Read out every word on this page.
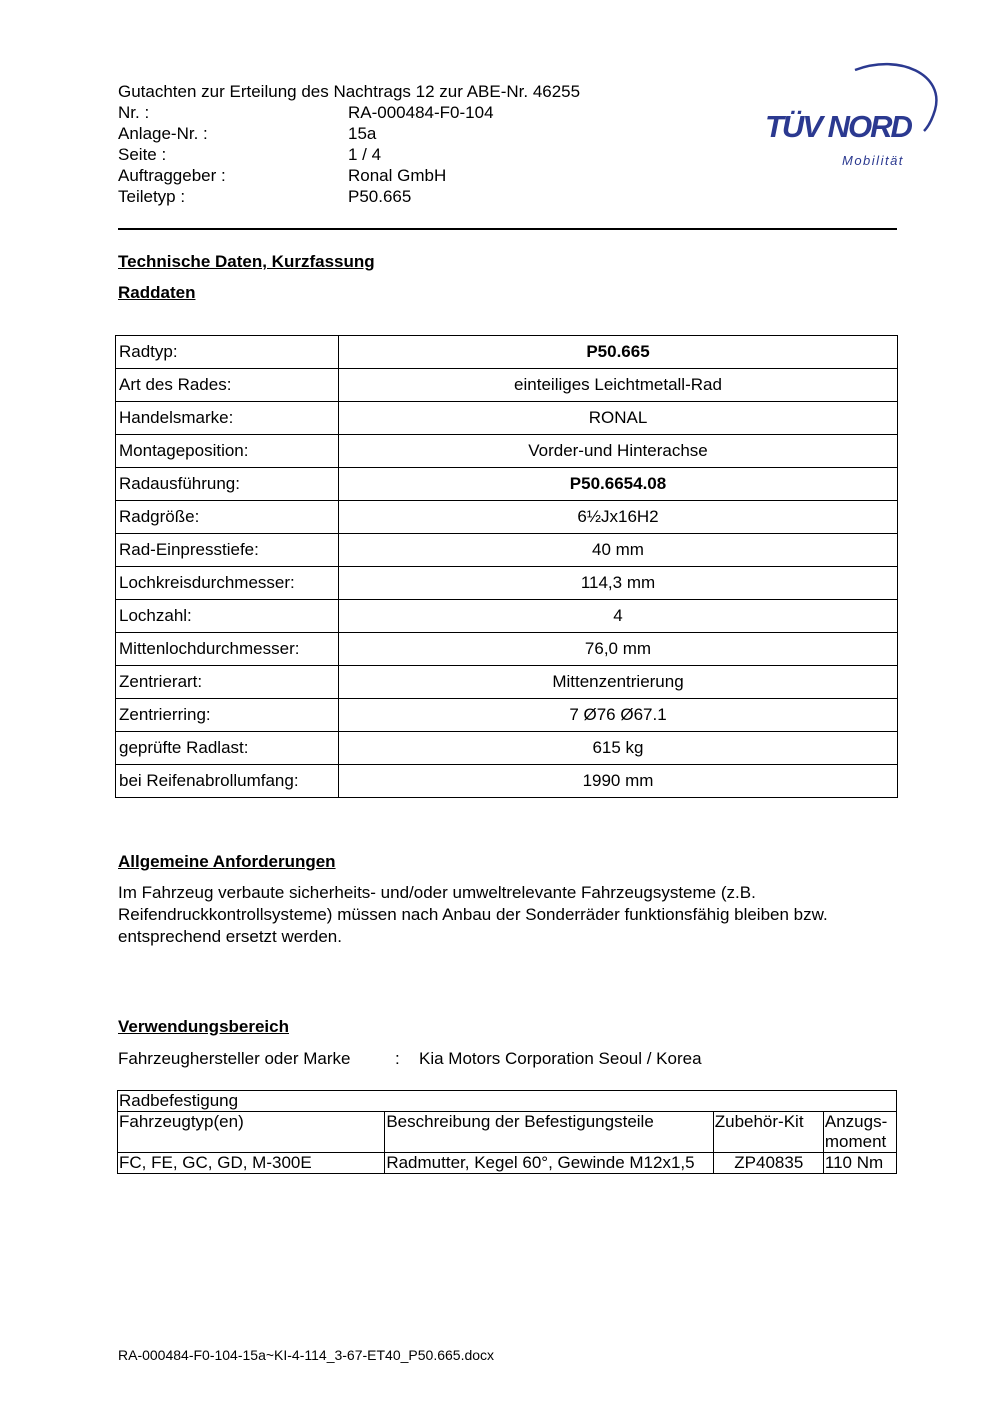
Gutachten zur Erteilung des Nachtrags 12 zur ABE-Nr. 46255
Nr. :	RA-000484-F0-104
Anlage-Nr. :	15a
Seite :	1 / 4
Auftraggeber :	Ronal GmbH
Teiletyp :	P50.665
TÜV NORD
Mobilität
Technische Daten, Kurzfassung
Raddaten
Radtyp:	P50.665
Art des Rades:	einteiliges Leichtmetall-Rad
Handelsmarke:	RONAL
Montageposition:	Vorder-und Hinterachse
Radausführung:	P50.6654.08
Radgröße:	6½Jx16H2
Rad-Einpresstiefe:	40 mm
Lochkreisdurchmesser:	114,3 mm
Lochzahl:	4
Mittenlochdurchmesser:	76,0 mm
Zentrierart:	Mittenzentrierung
Zentrierring:	7 Ø76 Ø67.1
geprüfte Radlast:	615 kg
bei Reifenabrollumfang:	1990 mm
Allgemeine Anforderungen
Im Fahrzeug verbaute sicherheits- und/oder umweltrelevante Fahrzeugsysteme (z.B. Reifendruckkontrollsysteme) müssen nach Anbau der Sonderräder funktionsfähig bleiben bzw. entsprechend ersetzt werden.
Verwendungsbereich
Fahrzeughersteller oder Marke	: Kia Motors Corporation Seoul / Korea
Radbefestigung			
Fahrzeugtyp(en)	Beschreibung der Befestigungsteile	Zubehör-Kit	Anzugs-moment
FC, FE, GC, GD, M-300E	Radmutter, Kegel 60°, Gewinde M12x1,5	ZP40835	110 Nm
RA-000484-F0-104-15a~KI-4-114_3-67-ET40_P50.665.docx
